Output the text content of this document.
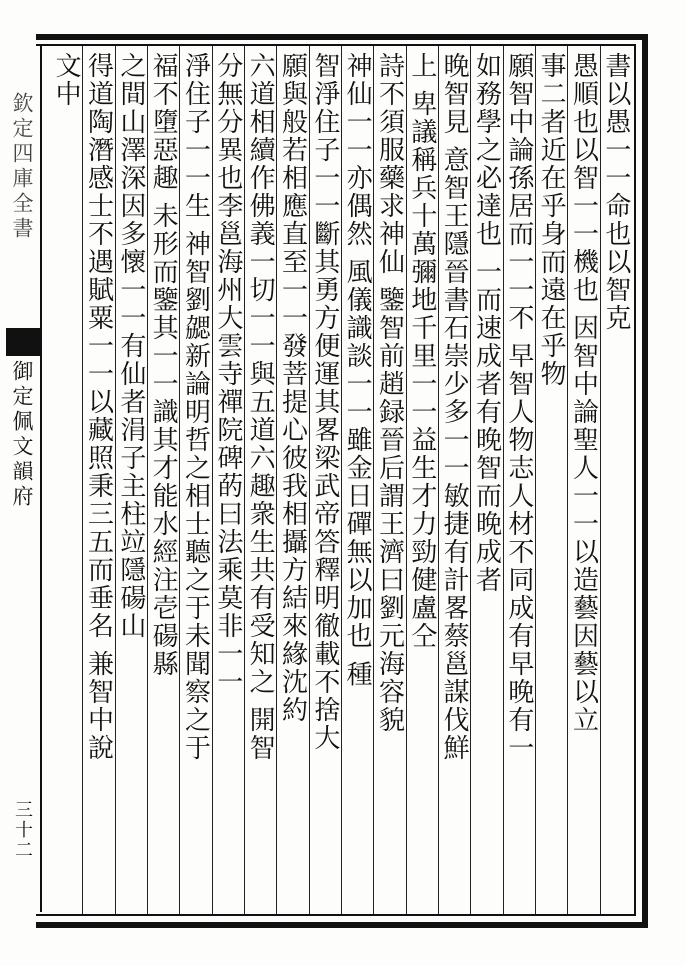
欽定四庫全書
御定佩文韻府
三十二
書以愚一一命也以智克
愚順也以智一一機也 因智中論聖人一一以造藝因藝以立
事二者近在乎身而遠在乎物
願智中論孫居而一一不 早智人物志人材不同成有早晚有一
如務學之必達也 一而速成者有晚智而晚成者
晚智見 意智王隱晉書石崇少多一一敏捷有計畧蔡邕謀伐鮮
上 卑議稱兵十萬彌地千里一一益生才力勁健盧仝
詩不須服藥求神仙 鑒智前趙録晉后謂王濟曰劉元海容貌
神仙一一亦偶然 風儀識談一一雖金日磾無以加也 種
智淨住子一一斷其勇方便運其畧梁武帝答釋明徹載不捨大
願與般若相應直至一一發菩提心彼我相攝方結來緣沈約
六道相續作佛義一切一一與五道六趣衆生共有受知之 開智
分無分異也李邕海州大雲寺禪院碑菂曰法乘莫非一一
淨住子一一生 神智劉勰新論明哲之相士聽之于未聞察之于
福不墮惡趣 未形而鑒其一一識其才能水經注壱碭縣
之間山澤深因多懷一一有仙者涓子主柱竝隱碭山
得道陶潛感士不遇賦粟一一以藏照秉三五而垂名 兼智中說
文中
